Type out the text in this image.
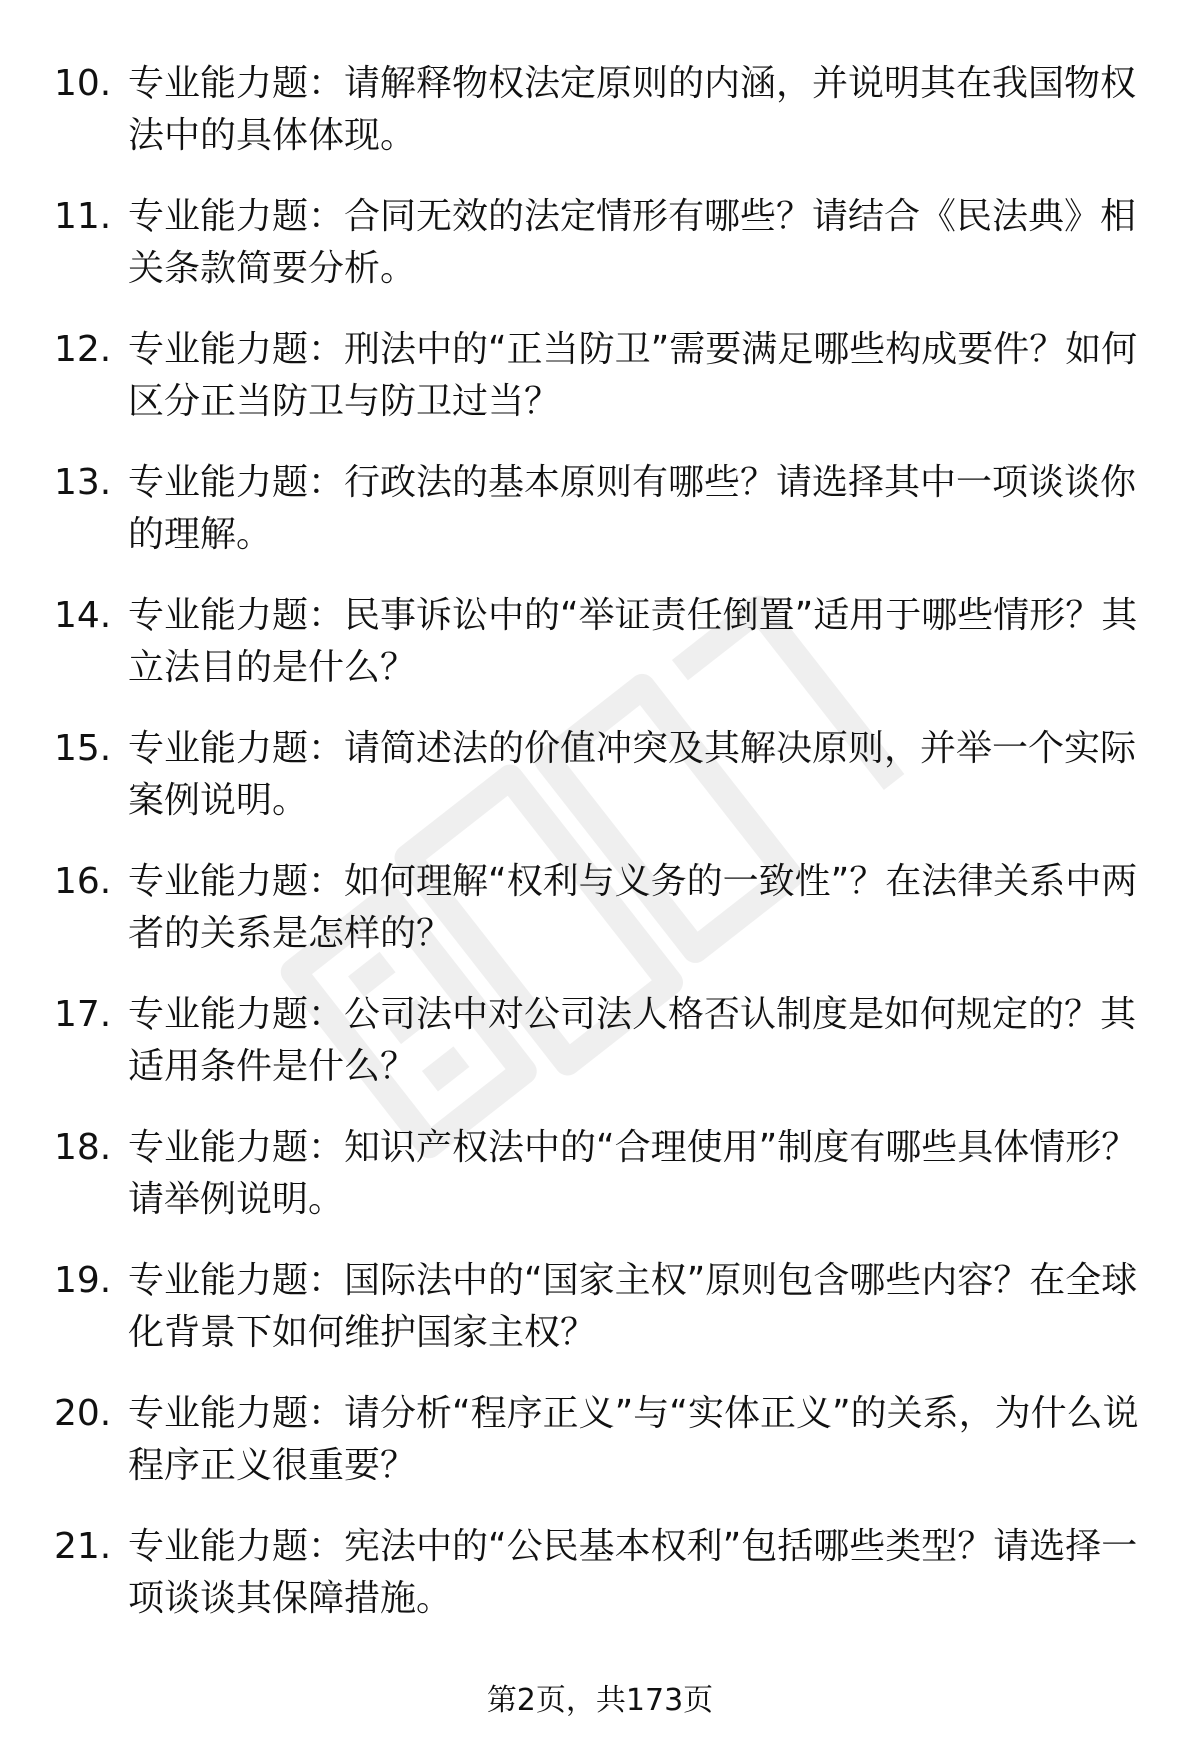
10. 专业能力题：请解释物权法定原则的内涵，并说明其在我国物权法中的具体体现。
11. 专业能力题：合同无效的法定情形有哪些？请结合《民法典》相关条款简要分析。
12. 专业能力题：刑法中的“正当防卫”需要满足哪些构成要件？如何区分正当防卫与防卫过当？
13. 专业能力题：行政法的基本原则有哪些？请选择其中一项谈谈你的理解。
14. 专业能力题：民事诉讼中的“举证责任倒置”适用于哪些情形？其立法目的是什么？
15. 专业能力题：请简述法的价值冲突及其解决原则，并举一个实际案例说明。
16. 专业能力题：如何理解“权利与义务的一致性”？在法律关系中两者的关系是怎样的？
17. 专业能力题：公司法中对公司法人格否认制度是如何规定的？其适用条件是什么？
18. 专业能力题：知识产权法中的“合理使用”制度有哪些具体情形？请举例说明。
19. 专业能力题：国际法中的“国家主权”原则包含哪些内容？在全球化背景下如何维护国家主权？
20. 专业能力题：请分析“程序正义”与“实体正义”的关系，为什么说程序正义很重要？
21. 专业能力题：宪法中的“公民基本权利”包括哪些类型？请选择一项谈谈其保障措施。
第2页，共173页
